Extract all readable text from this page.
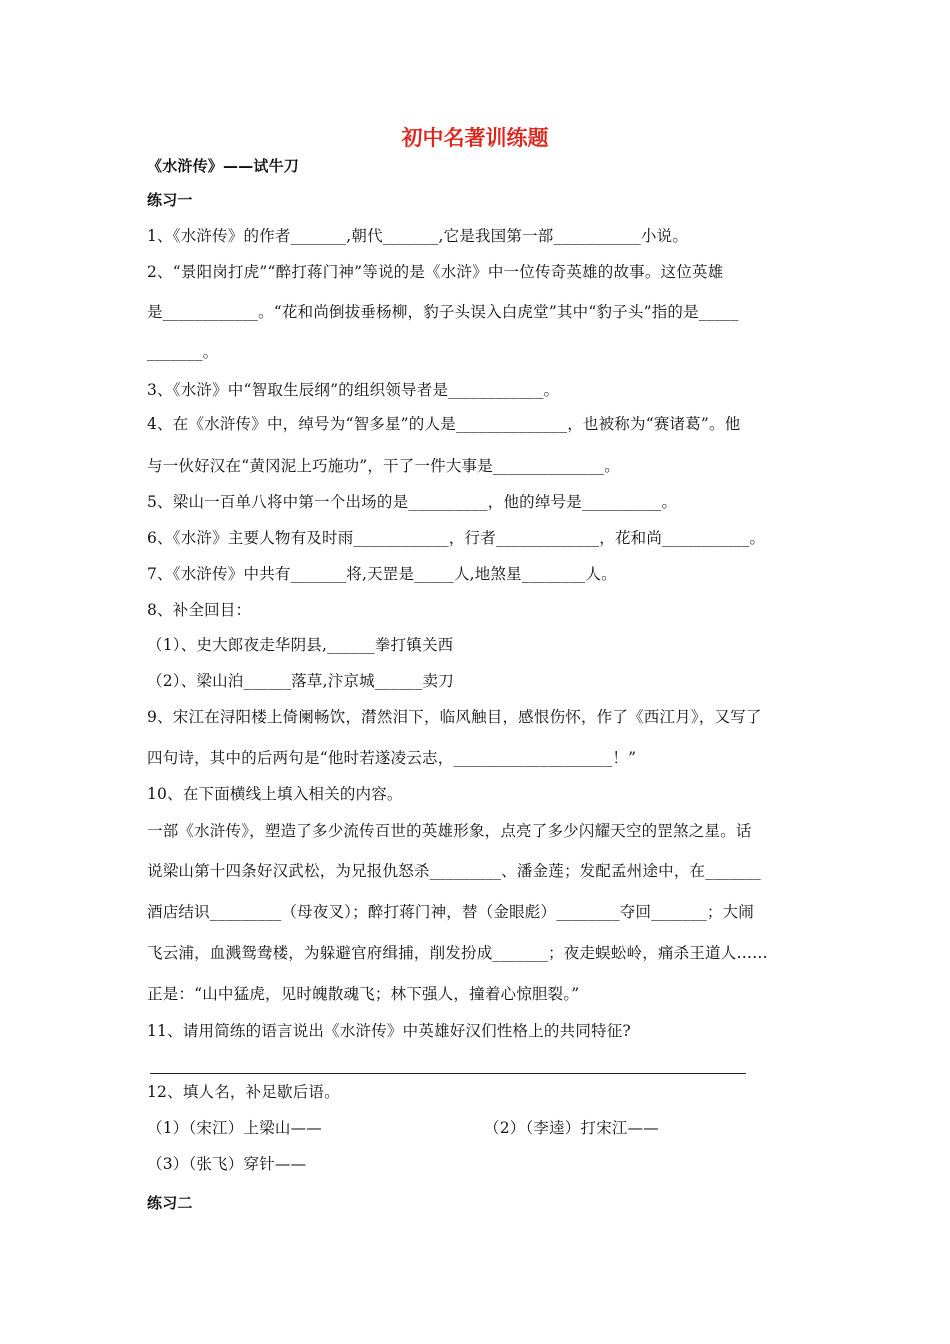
初中名著训练题
《水浒传》——试牛刀
练习一
1、《水浒传》的作者_______,朝代_______,它是我国第一部___________小说。
2、“景阳岗打虎”“醉打蒋门神”等说的是《水浒》中一位传奇英雄的故事。这位英雄
是____________。“花和尚倒拔垂杨柳，豹子头误入白虎堂”其中“豹子头”指的是_____
_______。
3、《水浒》中“智取生辰纲”的组织领导者是____________。
4、在《水浒传》中，绰号为“智多星”的人是______________，也被称为“赛诸葛”。他
与一伙好汉在“黄冈泥上巧施功”，干了一件大事是______________。
5、梁山一百单八将中第一个出场的是__________，他的绰号是__________。
6、《水浒》主要人物有及时雨____________，行者_____________，花和尚___________。
7、《水浒传》中共有_______将,天罡是_____人,地煞星________人。
8、补全回目：
（1）、史大郎夜走华阴县,______拳打镇关西
（2）、梁山泊______落草,汴京城______卖刀
9、宋江在浔阳楼上倚阑畅饮，潸然泪下，临风触目，感恨伤怀，作了《西江月》，又写了
四句诗，其中的后两句是“他时若遂凌云志，____________________！”
10、在下面横线上填入相关的内容。
一部《水浒传》，塑造了多少流传百世的英雄形象，点亮了多少闪耀天空的罡煞之星。话
说梁山第十四条好汉武松，为兄报仇怒杀_________、潘金莲；发配孟州途中，在_______
酒店结识_________（母夜叉）；醉打蒋门神，替（金眼彪）________夺回_______；大闹
飞云浦，血溅鸳鸯楼，为躲避官府缉捕，削发扮成_______；夜走蜈蚣岭，痛杀王道人……
正是：“山中猛虎，见时魄散魂飞；林下强人，撞着心惊胆裂。”
11、请用简练的语言说出《水浒传》中英雄好汉们性格上的共同特征?
12、填人名，补足歇后语。
（1）（宋江）上梁山——	（2）（李逵）打宋江——
（3）（张飞）穿针——
练习二
